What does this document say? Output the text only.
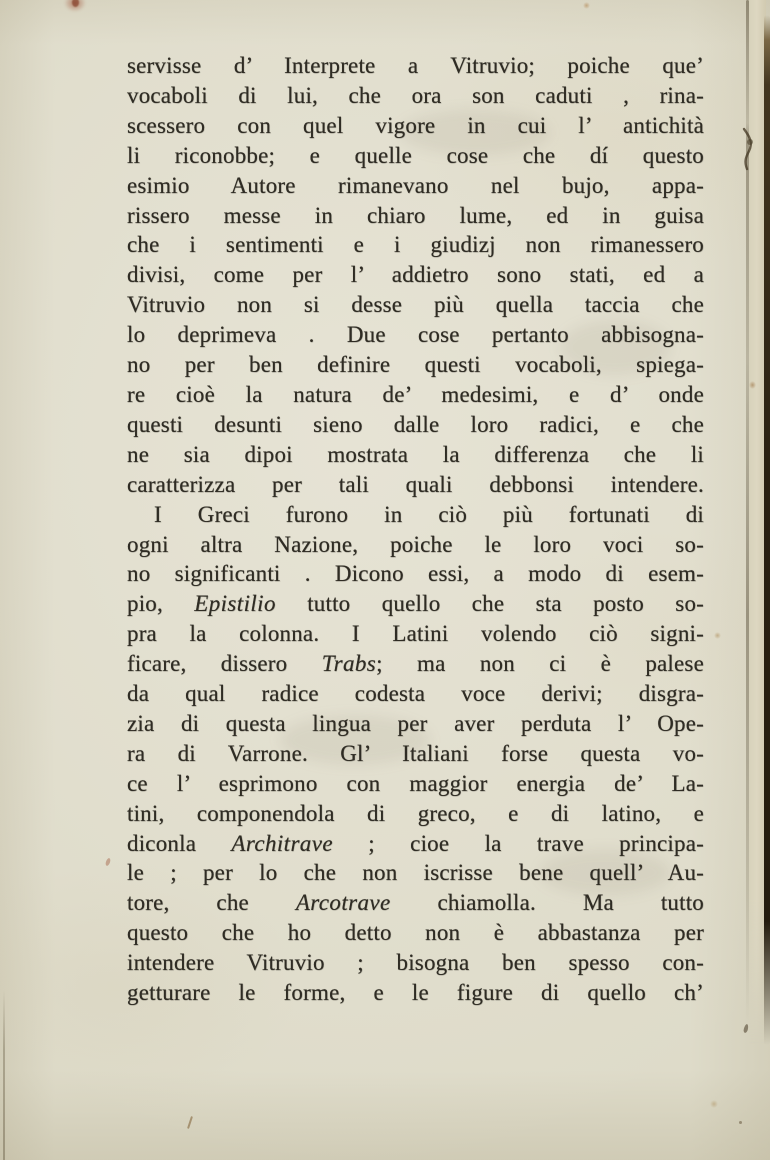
servisse d’ Interprete a Vitruvio; poiche que’
vocaboli di lui, che ora son caduti , rina-
scessero con quel vigore in cui l’ antichità
li riconobbe; e quelle cose che dí questo
esimio Autore rimanevano nel bujo, appa-
rissero messe in chiaro lume, ed in guisa
che i sentimenti e i giudizj non rimanessero
divisi, come per l’ addietro sono stati, ed a
Vitruvio non si desse più quella taccia che
lo deprimeva . Due cose pertanto abbisogna-
no per ben definire questi vocaboli, spiega-
re cioè la natura de’ medesimi, e d’ onde
questi desunti sieno dalle loro radici, e che
ne sia dipoi mostrata la differenza che li
caratterizza per tali quali debbonsi intendere.
I Greci furono in ciò più fortunati di
ogni altra Nazione, poiche le loro voci so-
no significanti . Dicono essi, a modo di esem-
pio, Epistilio tutto quello che sta posto so-
pra la colonna. I Latini volendo ciò signi-
ficare, dissero Trabs; ma non ci è palese
da qual radice codesta voce derivi; disgra-
zia di questa lingua per aver perduta l’ Ope-
ra di Varrone. Gl’ Italiani forse questa vo-
ce l’ esprimono con maggior energia de’ La-
tini, componendola di greco, e di latino, e
diconla Architrave ; cioe la trave principa-
le ; per lo che non iscrisse bene quell’ Au-
tore, che Arcotrave chiamolla. Ma tutto
questo che ho detto non è abbastanza per
intendere Vitruvio ; bisogna ben spesso con-
getturare le forme, e le figure di quello ch’
